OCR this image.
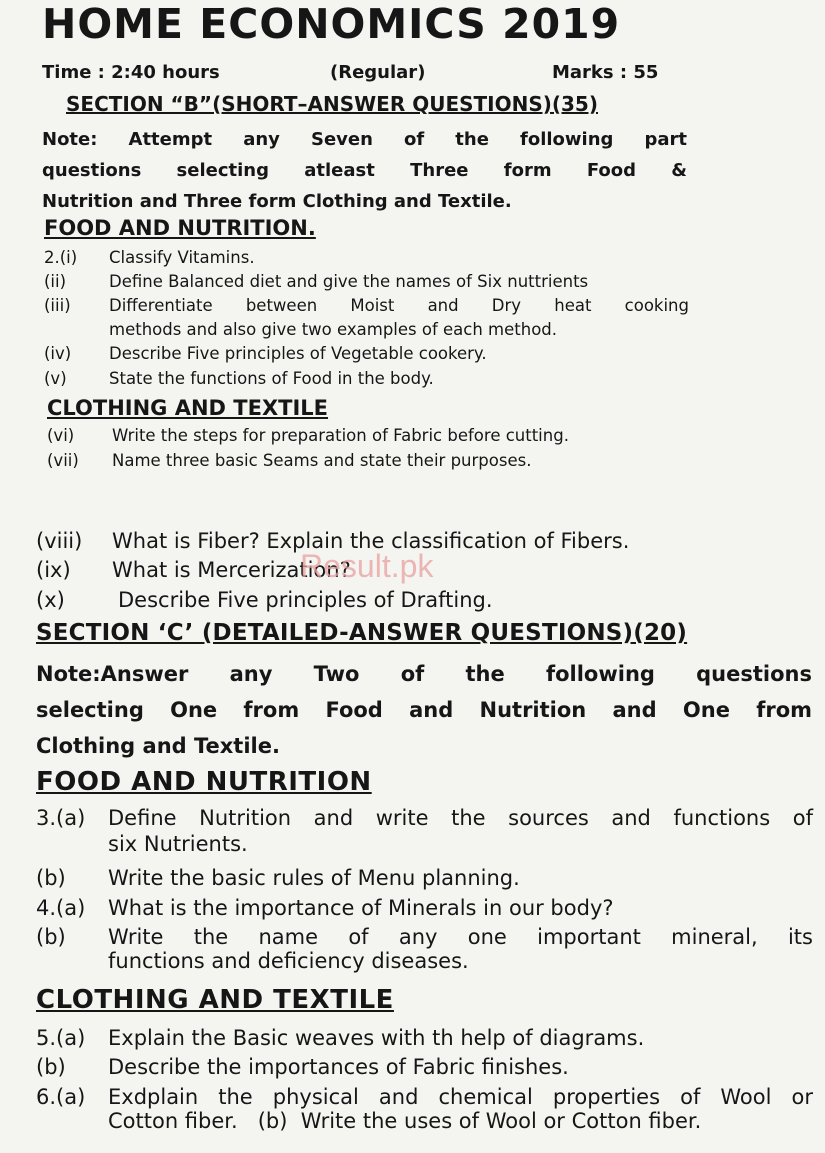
HOME ECONOMICS 2019
Time : 2:40 hours	(Regular)	Marks : 55
SECTION “B”(SHORT–ANSWER QUESTIONS)(35)
Note: Attempt any Seven of the following part
questions selecting atleast Three form Food &
Nutrition and Three form Clothing and Textile.
FOOD AND NUTRITION.
2.(i) Classify Vitamins.
(ii)	Define Balanced diet and give the names of Six nuttrients
(iii) Differentiate between Moist and Dry heat cooking
methods and also give two examples of each method.
(iv) Describe Five principles of Vegetable cookery.
(v)	State the functions of Food in the body.
CLOTHING AND TEXTILE
(vi) Write the steps for preparation of Fabric before cutting.
(vii) Name three basic Seams and state their purposes.
(viii) What is Fiber? Explain the classification of Fibers.
(ix) What is Mercerization?
(x)	Describe Five principles of Drafting.
Result.pk
SECTION ‘C’ (DETAILED-ANSWER QUESTIONS)(20)
Note:Answer any Two of the following questions
selecting One from Food and Nutrition and One from
Clothing and Textile.
FOOD AND NUTRITION
3.(a) Define Nutrition and write the sources and functions of
six Nutrients.
(b) Write the basic rules of Menu planning.
4.(a) What is the importance of Minerals in our body?
(b) Write the name of any one important mineral, its
functions and deficiency diseases.
CLOTHING AND TEXTILE
5.(a) Explain the Basic weaves with th help of diagrams.
(b) Describe the importances of Fabric finishes.
6.(a) Exdplain the physical and chemical properties of Wool or
Cotton fiber.   (b)  Write the uses of Wool or Cotton fiber.
